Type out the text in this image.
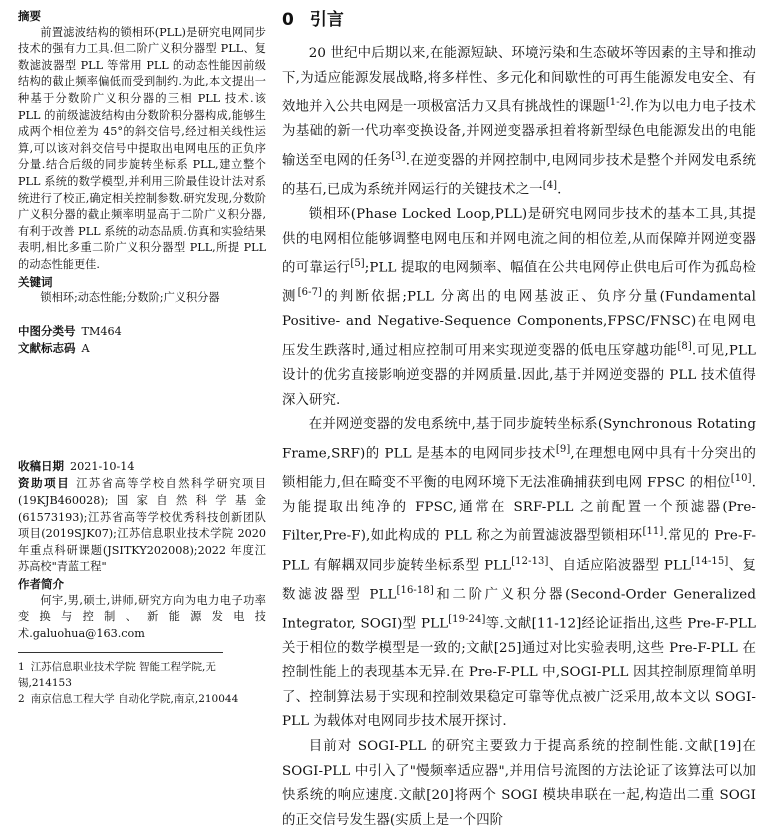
摘要

前置滤波结构的锁相环(PLL)是研究电网同步技术的强有力工具.但二阶广义积分器型 PLL、复数滤波器型 PLL 等常用 PLL 的动态性能因前级结构的截止频率偏低而受到制约.为此,本文提出一种基于分数阶广义积分器的三相 PLL 技术.该 PLL 的前级滤波结构由分数阶积分器构成,能够生成两个相位差为 45°的斜交信号,经过相关线性运算,可以该对斜交信号中提取出电网电压的正负序分量.结合后级的同步旋转坐标系 PLL,建立整个 PLL 系统的数学模型,并利用三阶最佳设计法对系统进行了校正,确定相关控制参数.研究发现,分数阶广义积分器的截止频率明显高于二阶广义积分器,有利于改善 PLL 系统的动态品质.仿真和实验结果表明,相比多重二阶广义积分器型 PLL,所提 PLL 的动态性能更佳.

关键词

锁相环;动态性能;分数阶;广义积分器

中图分类号 TM464
文献标志码 A
收稿日期 2021-10-14
资助项目 江苏省高等学校自然科学研究项目(19KJB460028);国家自然科学基金(61573193);江苏省高等学校优秀科技创新团队项目(2019SJK07);江苏信息职业技术学院 2020 年重点科研课题(JSITKY202008);2022 年度江苏高校"青蓝工程"
作者简介

何宇,男,硕士,讲师,研究方向为电力电子功率变换与控制、新能源发电技术.galuohua@163.com

1 江苏信息职业技术学院 智能工程学院,无锡,214153
2 南京信息工程大学 自动化学院,南京,210044
0 引言

20 世纪中后期以来,在能源短缺、环境污染和生态破坏等因素的主导和推动下,为适应能源发展战略,将多样性、多元化和间歇性的可再生能源发电安全、有效地并入公共电网是一项极富活力又具有挑战性的课题[1-2].作为以电力电子技术为基础的新一代功率变换设备,并网逆变器承担着将新型绿色电能源发出的电能输送至电网的任务[3].在逆变器的并网控制中,电网同步技术是整个并网发电系统的基石,已成为系统并网运行的关键技术之一[4].

锁相环(Phase Locked Loop,PLL)是研究电网同步技术的基本工具,其提供的电网相位能够调整电网电压和并网电流之间的相位差,从而保障并网逆变器的可靠运行[5];PLL 提取的电网频率、幅值在公共电网停止供电后可作为孤岛检测[6-7]的判断依据;PLL 分离出的电网基波正、负序分量(Fundamental Positive- and Negative-Sequence Components,FPSC/FNSC)在电网电压发生跌落时,通过相应控制可用来实现逆变器的低电压穿越功能[8].可见,PLL 设计的优劣直接影响逆变器的并网质量.因此,基于并网逆变器的 PLL 技术值得深入研究.

在并网逆变器的发电系统中,基于同步旋转坐标系(Synchronous Rotating Frame,SRF)的 PLL 是基本的电网同步技术[9],在理想电网中具有十分突出的锁相能力,但在畸变不平衡的电网环境下无法准确捕获到电网 FPSC 的相位[10].为能提取出纯净的 FPSC,通常在 SRF-PLL 之前配置一个预滤器(Pre-Filter,Pre-F),如此构成的 PLL 称之为前置滤波器型锁相环[11].常见的 Pre-F-PLL 有解耦双同步旋转坐标系型 PLL[12-13]、自适应陷波器型 PLL[14-15]、复数滤波器型 PLL[16-18]和二阶广义积分器(Second-Order Generalized Integrator, SOGI)型 PLL[19-24]等.文献[11-12]经论证指出,这些 Pre-F-PLL 关于相位的数学模型是一致的;文献[25]通过对比实验表明,这些 Pre-F-PLL 在控制性能上的表现基本无异.在 Pre-F-PLL 中,SOGI-PLL 因其控制原理简单明了、控制算法易于实现和控制效果稳定可靠等优点被广泛采用,故本文以 SOGI-PLL 为载体对电网同步技术展开探讨.

目前对 SOGI-PLL 的研究主要致力于提高系统的控制性能.文献[19]在 SOGI-PLL 中引入了"慢频率适应器",并用信号流图的方法论证了该算法可以加快系统的响应速度.文献[20]将两个 SOGI 模块串联在一起,构造出二重 SOGI 的正交信号发生器(实质上是一个四阶
